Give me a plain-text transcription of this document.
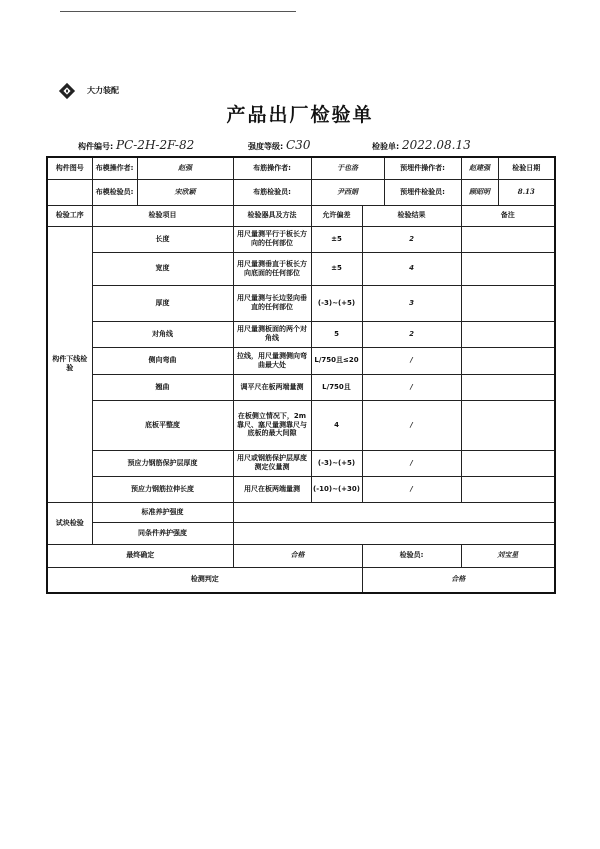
大力装配
产品出厂检验单
构件编号: PC-2H-2F-82	强度等级: C30	检验单: 2022.08.13
构件图号	布模操作者:	赵强	布筋操作者:	于也洛		预埋件操作者:	赵建强	检验日期
	布模检验员:	宋欣颖	布筋检验员:	尹西娟		预埋件检验员:	顾昭明	8.13
检验工序	检验项目		检验器具及方法	允许偏差	检验结果		备注	
构件下线检验	长度		用尺量测平行于板长方向的任何部位	±5	2			
	宽度		用尺量测垂直于板长方向底面的任何部位	±5	4			
	厚度		用尺量测与长边竖向垂直的任何部位	(-3)~(+5)	3			
	对角线		用尺量测板面的两个对角线	5	2			
	侧向弯曲		拉线，用尺量测侧向弯曲最大处	L/750且≤20	/			
	翘曲		调平尺在板两端量测	L/750且	/			
	底板平整度		在板侧立情况下，2m靠尺、塞尺量测靠尺与底板的最大间隙	4	/			
	预应力钢筋保护层厚度		用尺或钢筋保护层厚度测定仪量测	(-3)~(+5)	/			
	预应力钢筋拉伸长度		用尺在板两端量测	(-10)~(+30)	/			
试块检验	标准养护强度							
	同条件养护强度							
最终确定			合格		检验员:		刘宝星	
检测判定					合格			
